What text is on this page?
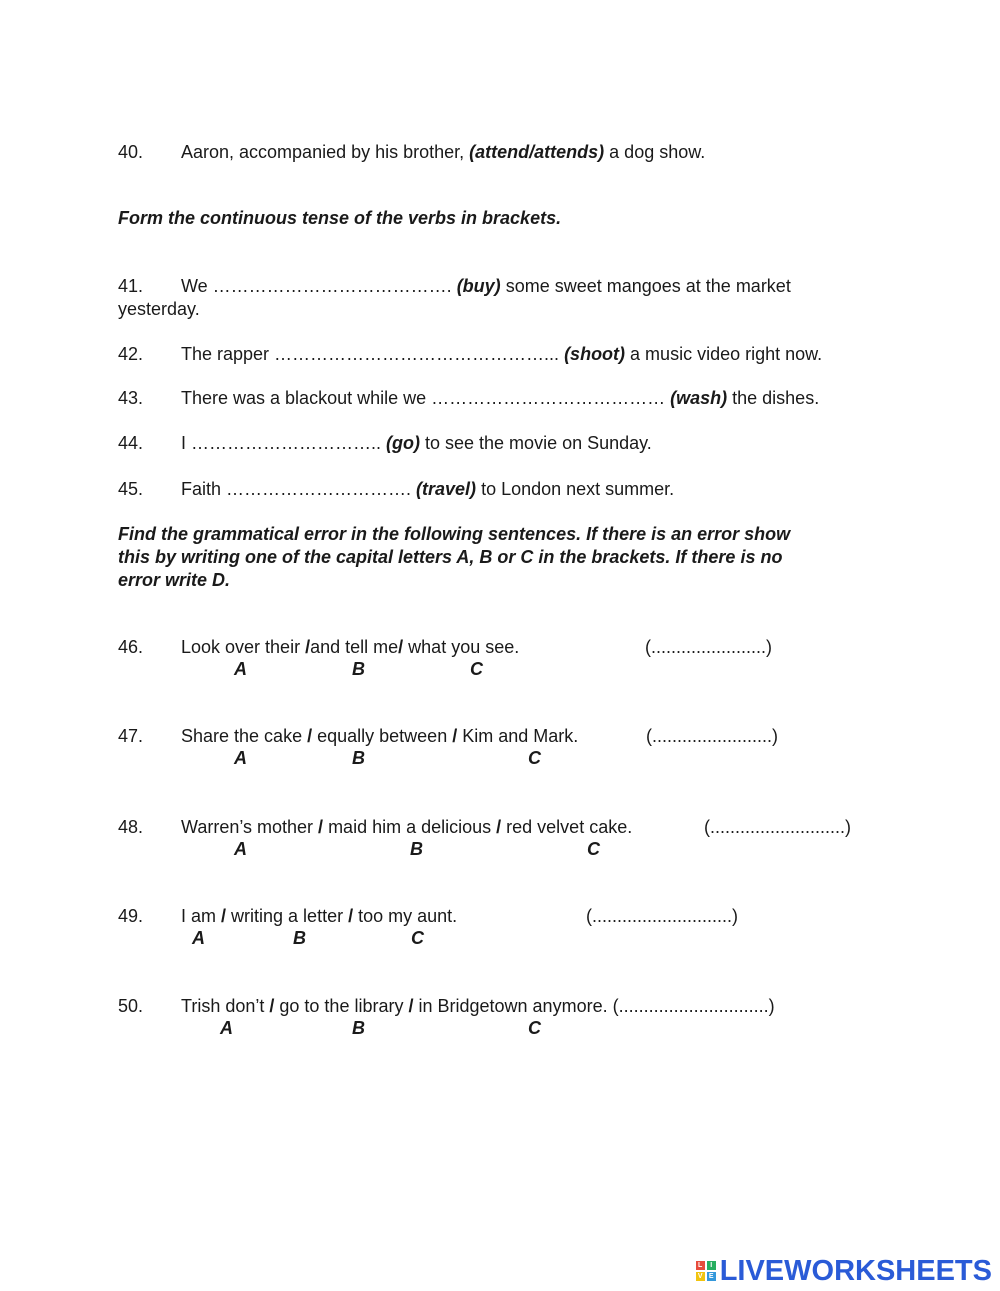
40. Aaron, accompanied by his brother, (attend/attends) a dog show.
Form the continuous tense of the verbs in brackets.
41. We …………………………………. (buy) some sweet mangoes at the market
yesterday.
42. The rapper ………………………………………... (shoot) a music video right now.
43. There was a blackout while we ………………………………… (wash) the dishes.
44. I ………………………….. (go) to see the movie on Sunday.
45. Faith …………………………. (travel) to London next summer.
Find the grammatical error in the following sentences. If there is an error show
this by writing one of the capital letters A, B or C in the brackets. If there is no
error write D.
46. Look over their /and tell me/ what you see.	(.......................)
A	B	C
47. Share the cake / equally between / Kim and Mark.	(........................)
A	B	C
48. Warren’s mother / maid him a delicious / red velvet cake.	(...........................)
A	B	C
49. I am / writing a letter / too my aunt.	(............................)
A	B	C
50. Trish don’t / go to the library / in Bridgetown anymore. (..............................)
A	B	C
L	I
V E LIVEWORKSHEETS
